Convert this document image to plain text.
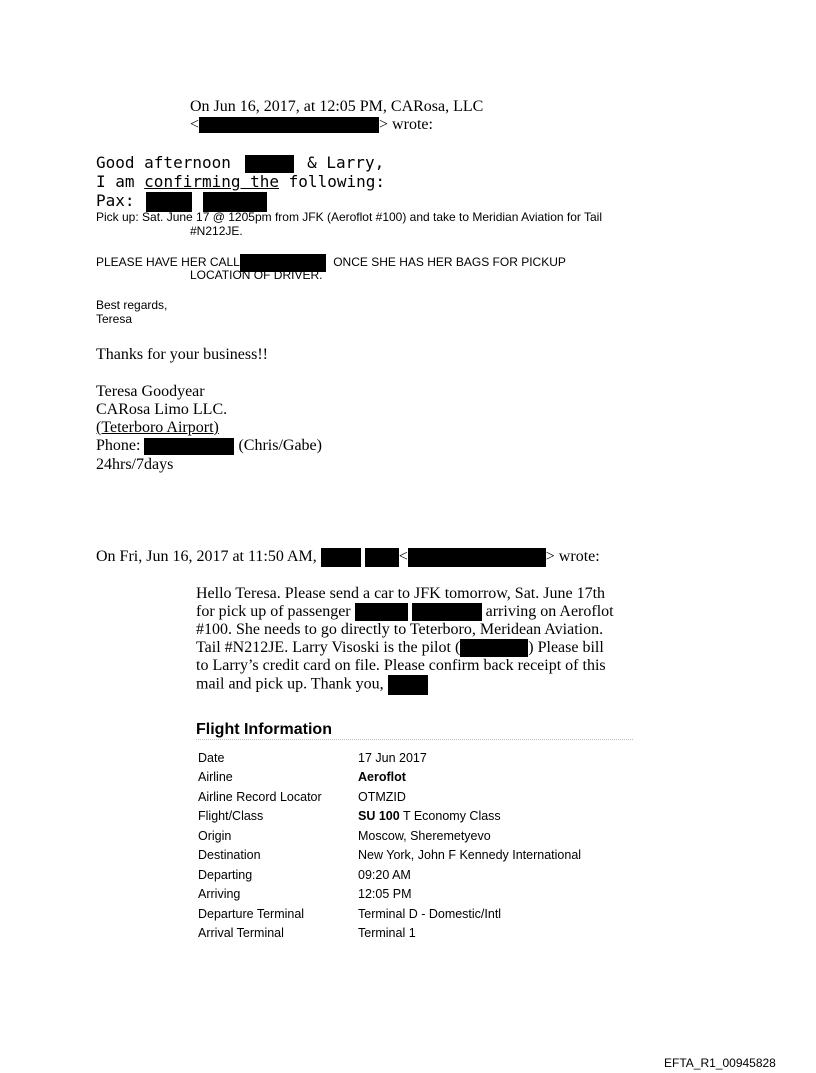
On Jun 16, 2017, at 12:05 PM, CARosa, LLC
<	> wrote:
Good afternoon	& Larry,
I am confirming the following:
Pax:
Pick up: Sat. June 17 @ 1205pm from JFK (Aeroflot #100) and take to Meridian Aviation for Tail
#N212JE.
PLEASE HAVE HER CALL	ONCE SHE HAS HER BAGS FOR PICKUP
LOCATION OF DRIVER.
Best regards,
Teresa
Thanks for your business!!
Teresa Goodyear
CARosa Limo LLC.
(Teterboro Airport)
Phone:	(Chris/Gabe)
24hrs/7days
On Fri, Jun 16, 2017 at 11:50 AM,	<	> wrote:
Hello Teresa. Please send a car to JFK tomorrow, Sat. June 17th
for pick up of passenger	arriving on Aeroflot
#100. She needs to go directly to Teterboro, Meridean Aviation.
Tail #N212JE. Larry Visoski is the pilot (	) Please bill
to Larry’s credit card on file. Please confirm back receipt of this
mail and pick up. Thank you,
Flight Information
Date	17 Jun 2017
Airline	Aeroflot
Airline Record Locator	OTMZID
Flight/Class	SU 100 T Economy Class
Origin	Moscow, Sheremetyevo
Destination	New York, John F Kennedy International
Departing	09:20 AM
Arriving	12:05 PM
Departure Terminal	Terminal D - Domestic/Intl
Arrival Terminal	Terminal 1
EFTA_R1_00945828
